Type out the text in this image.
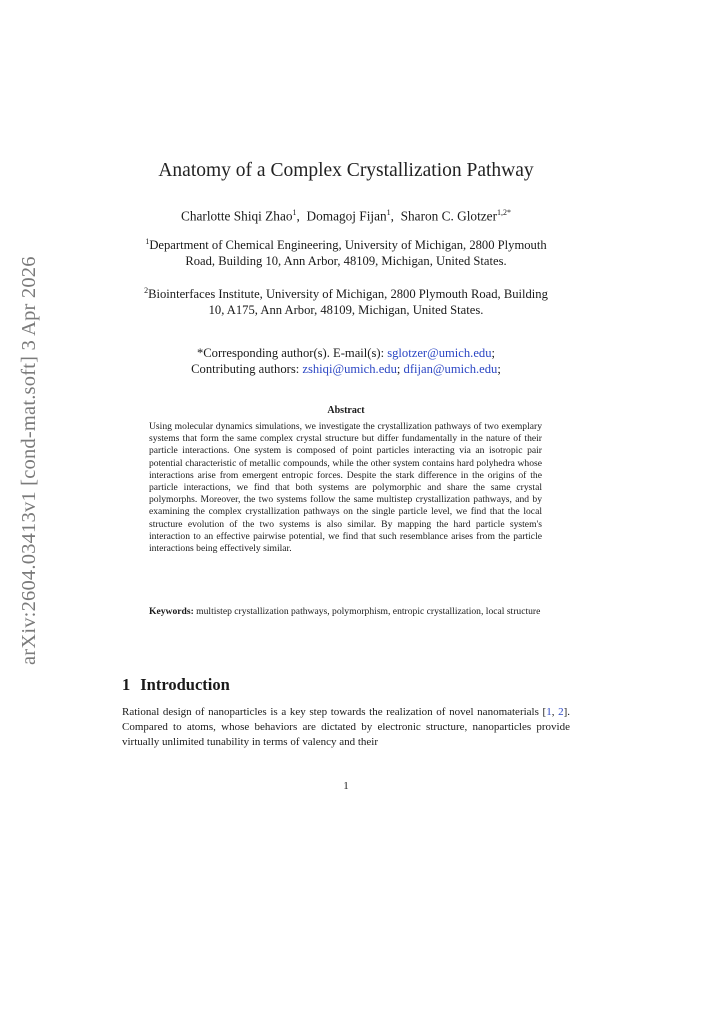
arXiv:2604.03413v1 [cond-mat.soft] 3 Apr 2026
Anatomy of a Complex Crystallization Pathway
Charlotte Shiqi Zhao$^1$,  Domagoj Fijan$^1$,  Sharon C. Glotzer$^{1,2*}$
$^1$Department of Chemical Engineering, University of Michigan, 2800 Plymouth Road, Building 10, Ann Arbor, 48109, Michigan, United States.
$^2$Biointerfaces Institute, University of Michigan, 2800 Plymouth Road, Building 10, A175, Ann Arbor, 48109, Michigan, United States.
*Corresponding author(s). E-mail(s): sglotzer@umich.edu;
Contributing authors: zshiqi@umich.edu; dfijan@umich.edu;
Abstract
Using molecular dynamics simulations, we investigate the crystallization pathways of two exemplary systems that form the same complex crystal structure but differ fundamentally in the nature of their particle interactions. One system is composed of point particles interacting via an isotropic pair potential characteristic of metallic compounds, while the other system contains hard polyhedra whose interactions arise from emergent entropic forces. Despite the stark difference in the origins of the particle interactions, we find that both systems are polymorphic and share the same crystal polymorphs. Moreover, the two systems follow the same multistep crystallization pathways, and by examining the complex crystallization pathways on the single particle level, we find that the local structure evolution of the two systems is also similar. By mapping the hard particle system's interaction to an effective pairwise potential, we find that such resemblance arises from the particle interactions being effectively similar.
Keywords: multistep crystallization pathways, polymorphism, entropic crystallization, local structure
1 Introduction
Rational design of nanoparticles is a key step towards the realization of novel nanomaterials [1, 2]. Compared to atoms, whose behaviors are dictated by electronic structure, nanoparticles provide virtually unlimited tunability in terms of valency and their
1
